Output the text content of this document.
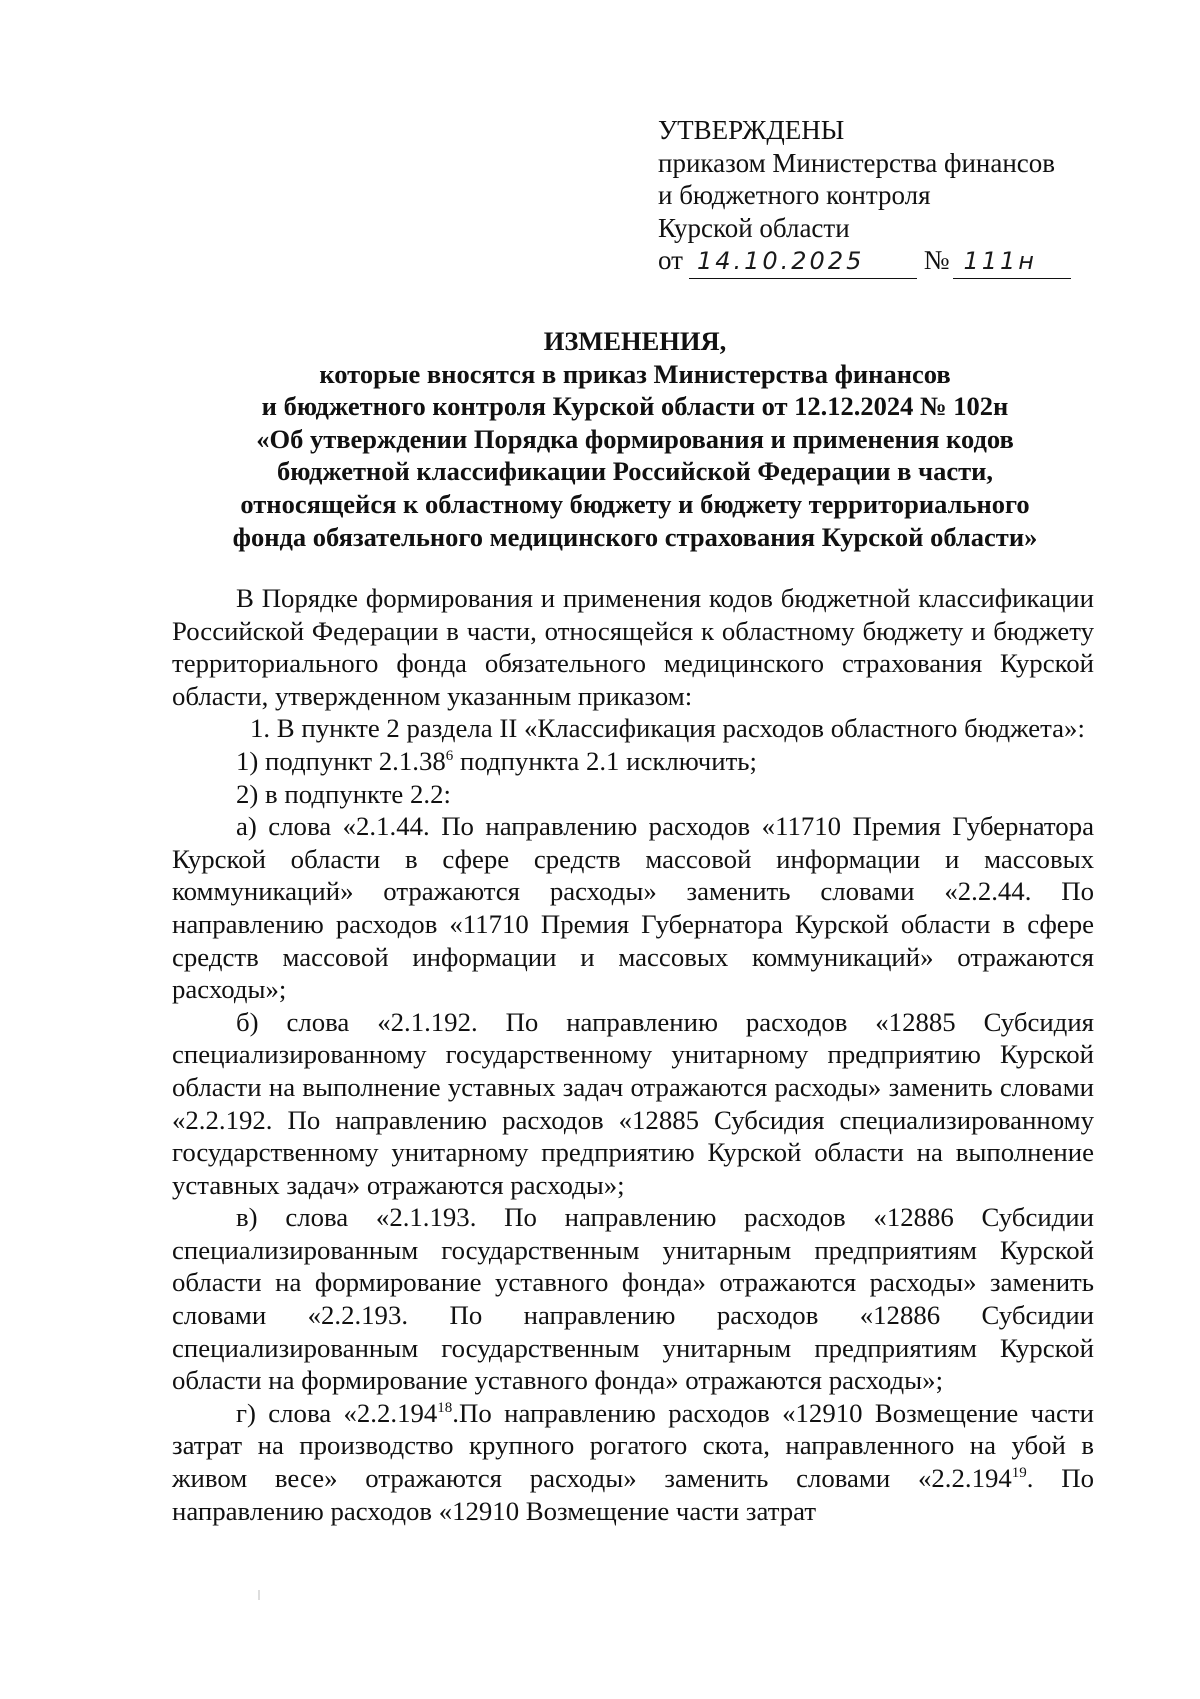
УТВЕРЖДЕНЫ
приказом Министерства финансов
и бюджетного контроля
Курской области
от 14.10.2025 № 111н
ИЗМЕНЕНИЯ,
которые вносятся в приказ Министерства финансов
и бюджетного контроля Курской области от 12.12.2024 № 102н
«Об утверждении Порядка формирования и применения кодов
бюджетной классификации Российской Федерации в части,
относящейся к областному бюджету и бюджету территориального
фонда обязательного медицинского страхования Курской области»

В Порядке формирования и применения кодов бюджетной классификации Российской Федерации в части, относящейся к областному бюджету и бюджету территориального фонда обязательного медицинского страхования Курской области, утвержденном указанным приказом:

1. В пункте 2 раздела II «Классификация расходов областного бюджета»:

1) подпункт 2.1.38$^6$ подпункта 2.1 исключить;

2) в подпункте 2.2:

а) слова «2.1.44. По направлению расходов «11710 Премия Губернатора Курской области в сфере средств массовой информации и массовых коммуникаций» отражаются расходы» заменить словами «2.2.44. По направлению расходов «11710 Премия Губернатора Курской области в сфере средств массовой информации и массовых коммуникаций» отражаются расходы»;

б) слова «2.1.192. По направлению расходов «12885 Субсидия специализированному государственному унитарному предприятию Курской области на выполнение уставных задач отражаются расходы» заменить словами «2.2.192. По направлению расходов «12885 Субсидия специализированному государственному унитарному предприятию Курской области на выполнение уставных задач» отражаются расходы»;

в) слова «2.1.193. По направлению расходов «12886 Субсидии специализированным государственным унитарным предприятиям Курской области на формирование уставного фонда» отражаются расходы» заменить словами «2.2.193. По направлению расходов «12886 Субсидии специализированным государственным унитарным предприятиям Курской области на формирование уставного фонда» отражаются расходы»;

г) слова «2.2.194$^{18}$.По направлению расходов «12910 Возмещение части затрат на производство крупного рогатого скота, направленного на убой в живом весе» отражаются расходы» заменить словами «2.2.194$^{19}$. По направлению расходов «12910 Возмещение части затрат
